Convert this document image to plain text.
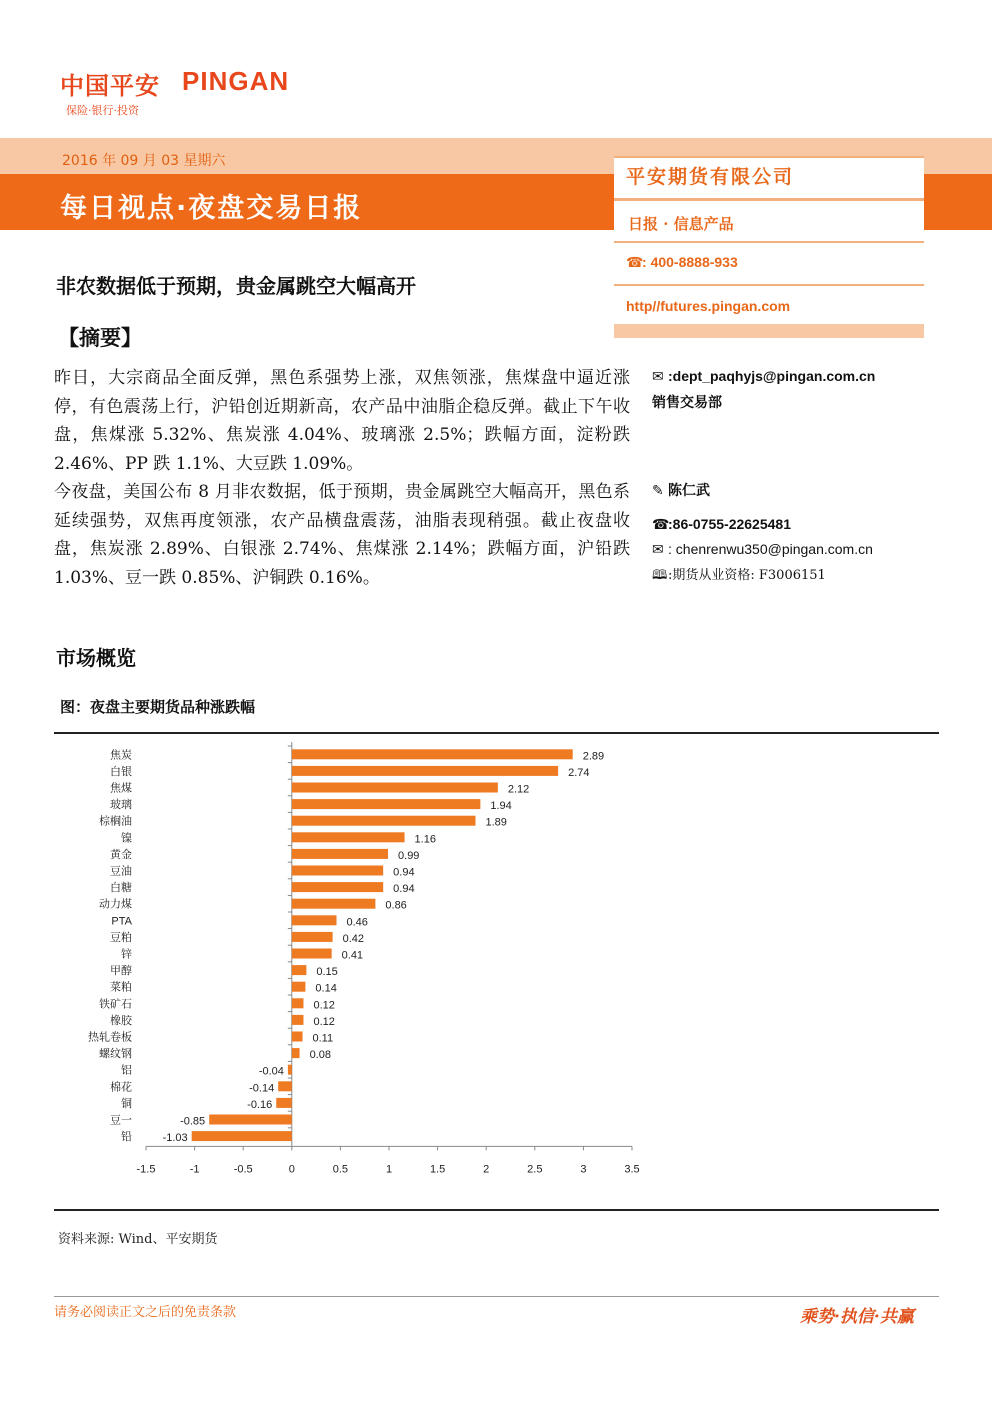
中国平安 PINGAN
保险·银行·投资
2016 年 09 月 03 星期六
每日视点·夜盘交易日报
平安期货有限公司
日报 · 信息产品
☎: 400-8888-933
http//futures.pingan.com
非农数据低于预期，贵金属跳空大幅高开
【摘要】
昨日，大宗商品全面反弹，黑色系强势上涨，双焦领涨，焦煤盘中逼近涨停，有色震荡上行，沪铅创近期新高，农产品中油脂企稳反弹。截止下午收盘，焦煤涨 5.32%、焦炭涨 4.04%、玻璃涨 2.5%；跌幅方面，淀粉跌 2.46%、PP 跌 1.1%、大豆跌 1.09%。
今夜盘，美国公布 8 月非农数据，低于预期，贵金属跳空大幅高开，黑色系延续强势，双焦再度领涨，农产品横盘震荡，油脂表现稍强。截止夜盘收盘，焦炭涨 2.89%、白银涨 2.74%、焦煤涨 2.14%；跌幅方面，沪铅跌 1.03%、豆一跌 0.85%、沪铜跌 0.16%。
✉ :dept_paqhyjs@pingan.com.cn
销售交易部
✎ 陈仁武
☎:86-0755-22625481
✉ : chenrenwu350@pingan.com.cn
🕮:期货从业资格: F3006151
市场概览
图：夜盘主要期货品种涨跌幅
-1.5	-1	-0.5	0	0.5	1	1.5	2	2.5	3	3.5
焦炭	2.89
白银	2.74
焦煤	2.12
玻璃	1.94
棕榈油	1.89
镍	1.16
黄金	0.99
豆油	0.94
白糖	0.94
动力煤	0.86
PTA	0.46
豆粕	0.42
锌	0.41
甲醇	0.15
菜粕	0.14
铁矿石	0.12
橡胶	0.12
热轧卷板	0.11
螺纹钢	0.08
铝	-0.04
棉花	-0.14
铜	-0.16
豆一	-0.85
铅	-1.03
资料来源: Wind、平安期货
请务必阅读正文之后的免责条款	乘势·执信·共赢
